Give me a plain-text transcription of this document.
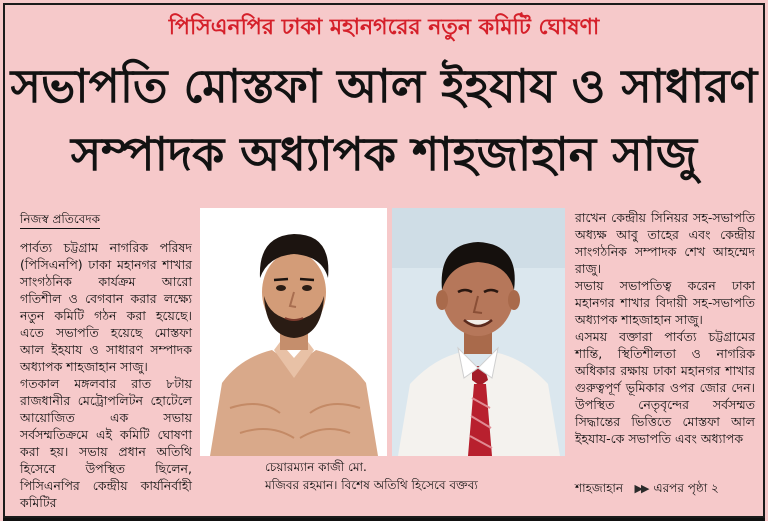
পিসিএনপির ঢাকা মহানগরের নতুন কমিটি ঘোষণা
সভাপতি মোস্তফা আল ইহযায ও সাধারণ
সম্পাদক অধ্যাপক শাহজাহান সাজু
নিজস্ব প্রতিবেদক

পার্বত্য চট্টগ্রাম নাগরিক পরিষদ (পিসিএনপি) ঢাকা মহানগর শাখার সাংগঠনিক কার্যক্রম আরো গতিশীল ও বেগবান করার লক্ষ্যে নতুন কমিটি গঠন করা হয়েছে। এতে সভাপতি হয়েছে মোস্তফা আল ইহযায ও সাধারণ সম্পাদক অধ্যাপক শাহজাহান সাজু।

গতকাল মঙ্গলবার রাত ৮টায় রাজধানীর মেট্রোপলিটন হোটেলে আয়োজিত এক সভায় সর্বসম্মতিক্রমে এই কমিটি ঘোষণা করা হয়। সভায় প্রধান অতিথি হিসেবে উপস্থিত ছিলেন, পিসিএনপির কেন্দ্রীয় কার্যনির্বাহী কমিটির

চেয়ারম্যান কাজী মো.
মজিবর রহমান। বিশেষ অতিথি হিসেবে বক্তব্য

রাখেন কেন্দ্রীয় সিনিয়র সহ-সভাপতি অধ্যক্ষ আবু তাহের এবং কেন্দ্রীয় সাংগঠনিক সম্পাদক শেখ আহম্মেদ রাজু।

সভায় সভাপতিত্ব করেন ঢাকা মহানগর শাখার বিদায়ী সহ-সভাপতি অধ্যাপক শাহজাহান সাজু।

এসময় বক্তারা পার্বত্য চট্টগ্রামের শান্তি, স্থিতিশীলতা ও নাগরিক অধিকার রক্ষায় ঢাকা মহানগর শাখার গুরুত্বপূর্ণ ভূমিকার ওপর জোর দেন। উপস্থিত নেতৃবৃন্দের সর্বসম্মত সিদ্ধান্তের ভিত্তিতে মোস্তফা আল ইহযায-কে সভাপতি এবং অধ্যাপক

শাহজাহান ▶▶ এরপর পৃষ্ঠা ২
